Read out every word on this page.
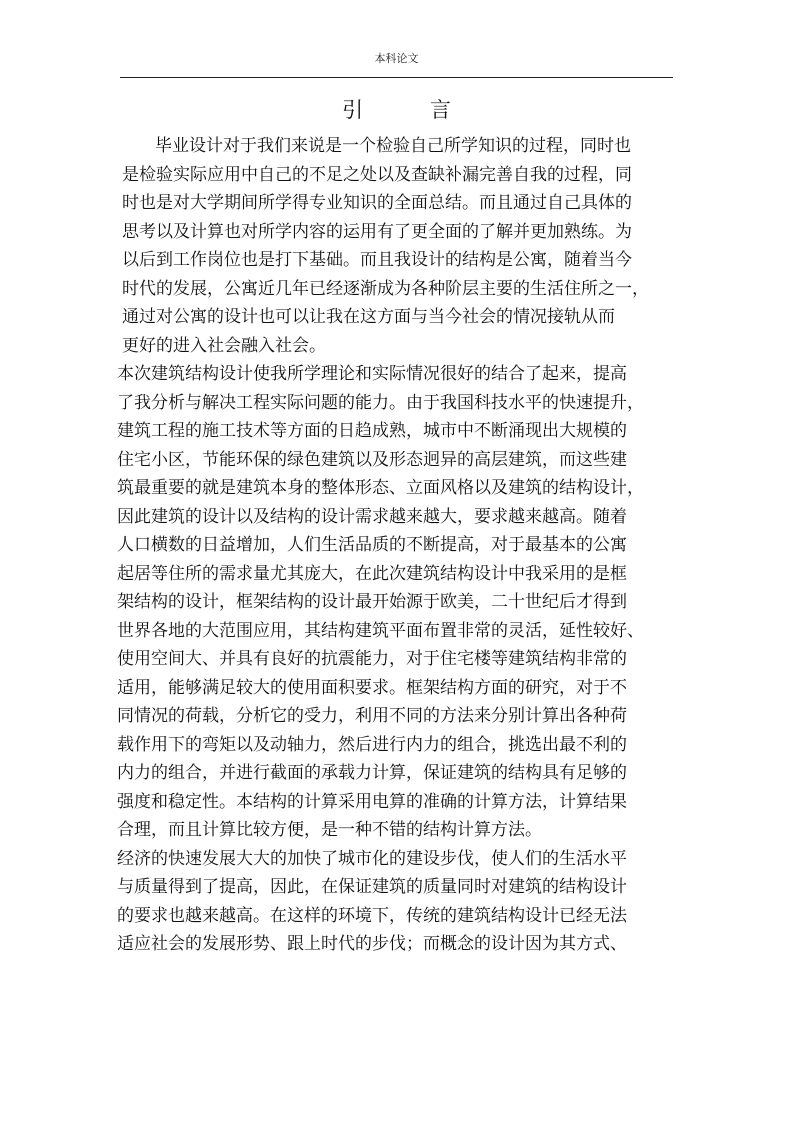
本科论文
引 言
毕业设计对于我们来说是一个检验自己所学知识的过程，同时也
是检验实际应用中自己的不足之处以及查缺补漏完善自我的过程，同
时也是对大学期间所学得专业知识的全面总结。而且通过自己具体的
思考以及计算也对所学内容的运用有了更全面的了解并更加熟练。为
以后到工作岗位也是打下基础。而且我设计的结构是公寓，随着当今
时代的发展，公寓近几年已经逐渐成为各种阶层主要的生活住所之一，
通过对公寓的设计也可以让我在这方面与当今社会的情况接轨从而
更好的进入社会融入社会。
本次建筑结构设计使我所学理论和实际情况很好的结合了起来，提高
了我分析与解决工程实际问题的能力。由于我国科技水平的快速提升，
建筑工程的施工技术等方面的日趋成熟，城市中不断涌现出大规模的
住宅小区，节能环保的绿色建筑以及形态迥异的高层建筑，而这些建
筑最重要的就是建筑本身的整体形态、立面风格以及建筑的结构设计，
因此建筑的设计以及结构的设计需求越来越大，要求越来越高。随着
人口横数的日益增加，人们生活品质的不断提高，对于最基本的公寓
起居等住所的需求量尤其庞大，在此次建筑结构设计中我采用的是框
架结构的设计，框架结构的设计最开始源于欧美，二十世纪后才得到
世界各地的大范围应用，其结构建筑平面布置非常的灵活，延性较好、
使用空间大、并具有良好的抗震能力，对于住宅楼等建筑结构非常的
适用，能够满足较大的使用面积要求。框架结构方面的研究，对于不
同情况的荷载，分析它的受力，利用不同的方法来分别计算出各种荷
载作用下的弯矩以及动轴力，然后进行内力的组合，挑选出最不利的
内力的组合，并进行截面的承载力计算，保证建筑的结构具有足够的
强度和稳定性。本结构的计算采用电算的准确的计算方法，计算结果
合理，而且计算比较方便，是一种不错的结构计算方法。
经济的快速发展大大的加快了城市化的建设步伐，使人们的生活水平
与质量得到了提高，因此，在保证建筑的质量同时对建筑的结构设计
的要求也越来越高。在这样的环境下，传统的建筑结构设计已经无法
适应社会的发展形势、跟上时代的步伐；而概念的设计因为其方式、
